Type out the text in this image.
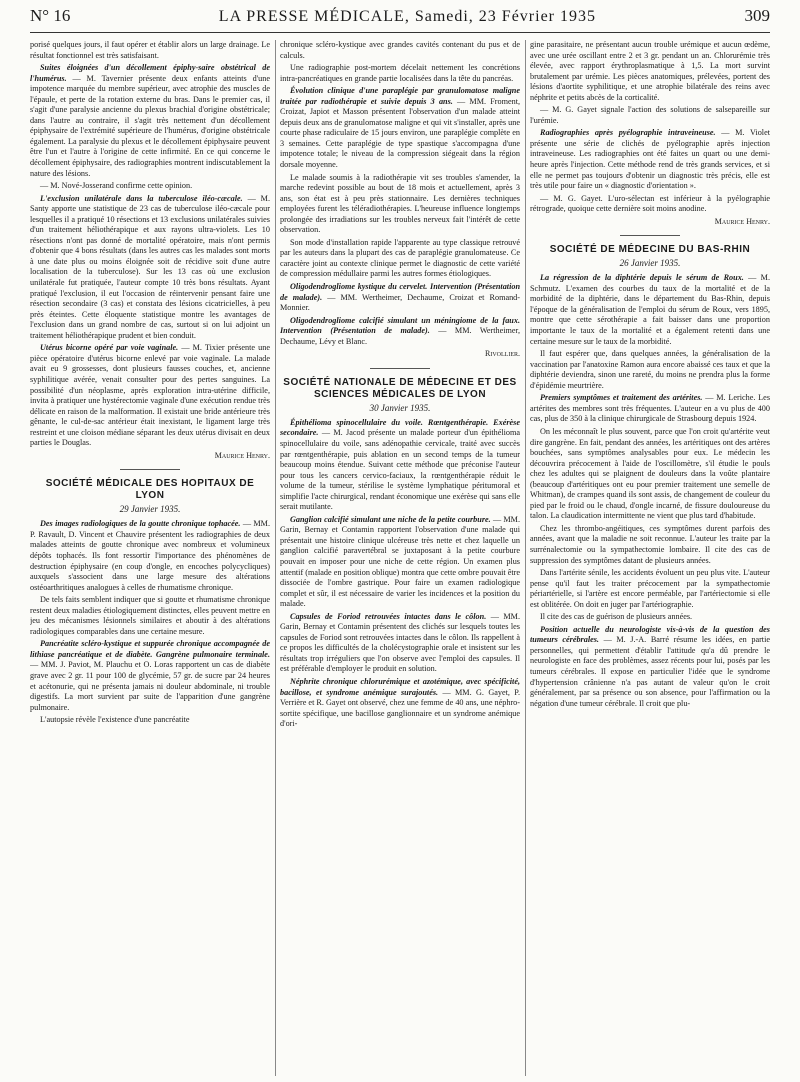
N° 16	LA PRESSE MÉDICALE, Samedi, 23 Février 1935	309

porisé quelques jours, il faut opérer et établir alors un large drainage. Le résultat fonctionnel est très satisfaisant.

Suites éloignées d'un décollement épiphy-saire obstétrical de l'humérus. — M. Tavernier présente deux enfants atteints d'une impotence marquée du membre supérieur, avec atrophie des muscles de l'épaule, et perte de la rotation externe du bras. Dans le premier cas, il s'agit d'une paralysie ancienne du plexus brachial d'origine obstétricale; dans l'autre au contraire, il s'agit très nettement d'un décollement épiphysaire de l'extrémité supérieure de l'humérus, d'origine obstétricale également. La paralysie du plexus et le décollement épiphysaire peuvent être l'un et l'autre à l'origine de cette infirmité. En ce qui concerne le décollement épiphysaire, des radiographies montrent indiscutablement la nature des lésions.

— M. Nové-Josserand confirme cette opinion.

L'exclusion unilatérale dans la tuberculose iléo-cæcale. — M. Santy apporte une statistique de 23 cas de tuberculose iléo-cæcale pour lesquelles il a pratiqué 10 résections et 13 exclusions unilatérales suivies d'un traitement héliothérapique et aux rayons ultra-violets. Les 10 résections n'ont pas donné de mortalité opératoire, mais n'ont permis d'obtenir que 4 bons résultats (dans les autres cas les malades sont morts à une date plus ou moins éloignée soit de récidive soit d'une autre localisation de la tuberculose). Sur les 13 cas où une exclusion unilatérale fut pratiquée, l'auteur compte 10 très bons résultats. Ayant pratiqué l'exclusion, il eut l'occasion de réintervenir pensant faire une résection secondaire (3 cas) et constata des lésions cicatricielles, à peu près éteintes. Cette éloquente statistique montre les avantages de l'exclusion dans un grand nombre de cas, surtout si on lui adjoint un traitement héliothérapique prudent et bien conduit.

Utérus bicorne opéré par voie vaginale. — M. Tixier présente une pièce opératoire d'utérus bicorne enlevé par voie vaginale. La malade avait eu 9 grossesses, dont plusieurs fausses couches, et, ancienne syphilitique avérée, venait consulter pour des pertes sanguines. La possibilité d'un néoplasme, après exploration intra-utérine difficile, invita à pratiquer une hystérectomie vaginale d'une exécution rendue très délicate en raison de la malformation. Il existait une bride antérieure très gênante, le cul-de-sac antérieur était inexistant, le ligament large très restreint et une cloison médiane séparant les deux utérus divisait en deux parties le Douglas.

Maurice Henry.

SOCIÉTÉ MÉDICALE DES HOPITAUX DE LYON
29 Janvier 1935.

Des images radiologiques de la goutte chronique tophacée. — MM. P. Ravault, D. Vincent et Chauvire présentent les radiographies de deux malades atteints de goutte chronique avec nombreux et volumineux dépôts tophacés. Ils font ressortir l'importance des phénomènes de destruction épiphysaire (en coup d'ongle, en encoches polycycliques) auxquels s'associent dans une large mesure des altérations ostéoarthritiques analogues à celles de rhumatisme chronique.

De tels faits semblent indiquer que si goutte et rhumatisme chronique restent deux maladies étiologiquement distinctes, elles peuvent mettre en jeu des mécanismes lésionnels similaires et aboutir à des altérations radiologiques comparables dans une certaine mesure.

Pancréatite scléro-kystique et suppurée chronique accompagnée de lithiase pancréatique et de diabète. Gangrène pulmonaire terminale. — MM. J. Paviot, M. Plauchu et O. Loras rapportent un cas de diabète grave avec 2 gr. 11 pour 100 de glycémie, 57 gr. de sucre par 24 heures et acétonurie, qui ne présenta jamais ni douleur abdominale, ni trouble digestifs. La mort survient par suite de l'apparition d'une gangrène pulmonaire.

L'autopsie révèle l'existence d'une pancréatite

chronique scléro-kystique avec grandes cavités contenant du pus et de calculs.

Une radiographie post-mortem décelait nettement les concrétions intra-pancréatiques en grande partie localisées dans la tête du pancréas.

Évolution clinique d'une paraplégie par granulomatose maligne traitée par radiothérapie et suivie depuis 3 ans. — MM. Froment, Croizat, Japiot et Masson présentent l'observation d'un malade atteint depuis deux ans de granulomatose maligne et qui vit s'installer, après une courte phase radiculaire de 15 jours environ, une paraplégie complète en 3 semaines. Cette paraplégie de type spastique s'accompagna d'une impotence totale; le niveau de la compression siégeait dans la région dorsale moyenne.

Le malade soumis à la radiothérapie vit ses troubles s'amender, la marche redevint possible au bout de 18 mois et actuellement, après 3 ans, son état est à peu près stationnaire. Les dernières techniques employées furent les téléradiothérapies. L'heureuse influence longtemps prolongée des irradiations sur les troubles nerveux fait l'intérêt de cette observation.

Son mode d'installation rapide l'apparente au type classique retrouvé par les auteurs dans la plupart des cas de paraplégie granulomateuse. Ce caractère joint au contexte clinique permet le diagnostic de cette variété de compression médullaire parmi les autres formes étiologiques.

Oligodendrogliome kystique du cervelet. Intervention (Présentation de malade). — MM. Wertheimer, Dechaume, Croizat et Romand-Monnier.

Oligodendrogliome calcifié simulant un méningiome de la faux. Intervention (Présentation de malade). — MM. Wertheimer, Dechaume, Lévy et Blanc.

Rivollier.

SOCIÉTÉ NATIONALE DE MÉDECINE ET DES SCIENCES MÉDICALES DE LYON
30 Janvier 1935.

Épithélioma spinocellulaire du voile. Rœntgenthérapie. Exérèse secondaire. — M. Jacod présente un malade porteur d'un épithélioma spinocellulaire du voile, sans adénopathie cervicale, traité avec succès par rœntgenthérapie, puis ablation en un second temps de la tumeur beaucoup moins étendue. Suivant cette méthode que préconise l'auteur pour tous les cancers cervico-faciaux, la rœntgenthérapie réduit le volume de la tumeur, stérilise le système lymphatique péritumoral et simplifie l'acte chirurgical, rendant économique une exérèse qui sans elle serait mutilante.

Ganglion calcifié simulant une niche de la petite courbure. — MM. Garin, Bernay et Contamin rapportent l'observation d'une malade qui présentait une histoire clinique ulcéreuse très nette et chez laquelle un ganglion calcifié paravertébral se juxtaposant à la petite courbure pouvait en imposer pour une niche de cette région. Un examen plus attentif (malade en position oblique) montra que cette ombre pouvait être dissociée de l'ombre gastrique. Pour faire un examen radiologique complet et sûr, il est nécessaire de varier les incidences et la position du malade.

Capsules de Foriod retrouvées intactes dans le côlon. — MM. Garin, Bernay et Contamin présentent des clichés sur lesquels toutes les capsules de Foriod sont retrouvées intactes dans le côlon. Ils rappellent à ce propos les difficultés de la cholécystographie orale et insistent sur les résultats trop irréguliers que l'on observe avec l'emploi des capsules. Il est préférable d'employer le produit en solution.

Néphrite chronique chlorurémique et azotémique, avec spécificité, bacillose, et syndrome anémique surajoutés. — MM. G. Gayet, P. Verrière et R. Gayet ont observé, chez une femme de 40 ans, une néphro-sortite spécifique, une bacillose ganglionnaire et un syndrome anémique d'ori-

gine parasitaire, ne présentant aucun trouble urémique et aucun œdème, avec une urée oscillant entre 2 et 3 gr. pendant un an. Chlorurémie très élevée, avec rapport érythroplasmatique à 1,5. La mort survint brutalement par urémie. Les pièces anatomiques, prélevées, portent des lésions d'aortite syphilitique, et une atrophie bilatérale des reins avec néphrite et petits abcès de la corticalité.

— M. G. Gayet signale l'action des solutions de salsepareille sur l'urémie.

Radiographies après pyélographie intraveineuse. — M. Violet présente une série de clichés de pyélographie après injection intraveineuse. Les radiographies ont été faites un quart ou une demi-heure après l'injection. Cette méthode rend de très grands services, et si elle ne permet pas toujours d'obtenir un diagnostic très précis, elle est très utile pour faire un « diagnostic d'orientation ».

— M. G. Gayet. L'uro-sélectan est inférieur à la pyélographie rétrograde, quoique cette dernière soit moins anodine.

Maurice Henry.

SOCIÉTÉ DE MÉDECINE DU BAS-RHIN
26 Janvier 1935.

La régression de la diphtérie depuis le sérum de Roux. — M. Schmutz. L'examen des courbes du taux de la mortalité et de la morbidité de la diphtérie, dans le département du Bas-Rhin, depuis l'époque de la généralisation de l'emploi du sérum de Roux, vers 1895, montre que cette sérothérapie a fait baisser dans une proportion importante le taux de la mortalité et a également retenti dans une certaine mesure sur le taux de la morbidité.

Il faut espérer que, dans quelques années, la généralisation de la vaccination par l'anatoxine Ramon aura encore abaissé ces taux et que la diphtérie deviendra, sinon une rareté, du moins ne prendra plus la forme d'épidémie meurtrière.

Premiers symptômes et traitement des artérites. — M. Leriche. Les artérites des membres sont très fréquentes. L'auteur en a vu plus de 400 cas, plus de 350 à la clinique chirurgicale de Strasbourg depuis 1924.

On les méconnaît le plus souvent, parce que l'on croit qu'artérite veut dire gangrène. En fait, pendant des années, les artéritiques ont des artères bouchées, sans symptômes analysables pour eux. Le médecin les découvrira précocement à l'aide de l'oscillomètre, s'il étudie le pouls chez les adultes qui se plaignent de douleurs dans la voûte plantaire (beaucoup d'artéritiques ont eu pour premier traitement une semelle de Whitman), de crampes quand ils sont assis, de changement de couleur du pied par le froid ou le chaud, d'ongle incarné, de fissure douloureuse du talon. La claudication intermittente ne vient que plus tard d'habitude.

Chez les thrombo-angéitiques, ces symptômes durent parfois des années, avant que la maladie ne soit reconnue. L'auteur les traite par la surrénalectomie ou la sympathectomie lombaire. Il cite des cas de suppression des symptômes datant de plusieurs années.

Dans l'artérite sénile, les accidents évoluent un peu plus vite. L'auteur pense qu'il faut les traiter précocement par la sympathectomie périartérielle, si l'artère est encore perméable, par l'artériectomie si elle est oblitérée. On doit en juger par l'artériographie.

Il cite des cas de guérison de plusieurs années.

Position actuelle du neurologiste vis-à-vis de la question des tumeurs cérébrales. — M. J.-A. Barré résume les idées, en partie personnelles, qui permettent d'établir l'attitude qu'a dû prendre le neurologiste en face des problèmes, assez récents pour lui, posés par les tumeurs cérébrales. Il expose en particulier l'idée que le syndrome d'hypertension crânienne n'a pas autant de valeur qu'on le croit généralement, par sa présence ou son absence, pour l'affirmation ou la négation d'une tumeur cérébrale. Il croit que plu-
